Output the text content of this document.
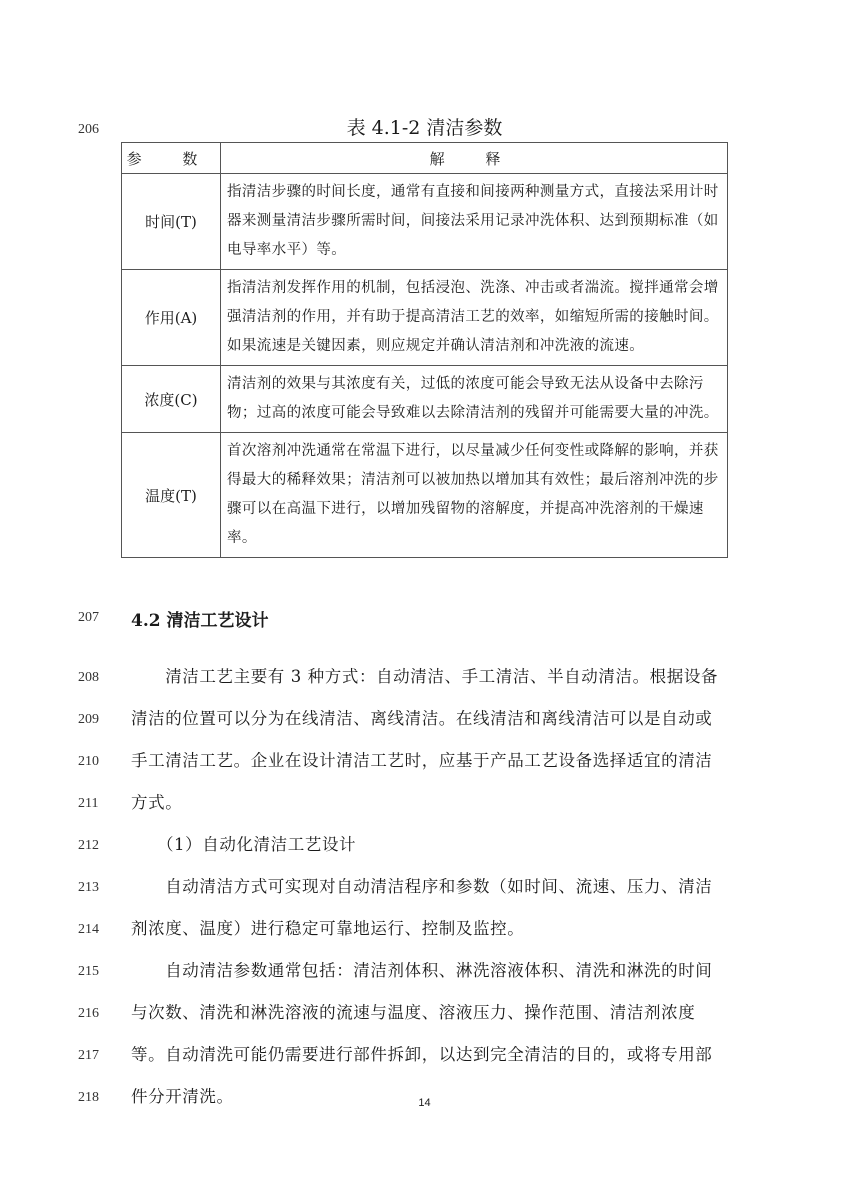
206	表 4.1-2 清洁参数
参 数	解 释
时间(T)	指清洁步骤的时间长度，通常有直接和间接两种测量方式，直接法采用计时器来测量清洁步骤所需时间，间接法采用记录冲洗体积、达到预期标准（如电导率水平）等。
作用(A)	指清洁剂发挥作用的机制，包括浸泡、洗涤、冲击或者湍流。搅拌通常会增强清洁剂的作用，并有助于提高清洁工艺的效率，如缩短所需的接触时间。如果流速是关键因素，则应规定并确认清洁剂和冲洗液的流速。
浓度(C)	清洁剂的效果与其浓度有关，过低的浓度可能会导致无法从设备中去除污物；过高的浓度可能会导致难以去除清洁剂的残留并可能需要大量的冲洗。
温度(T)	首次溶剂冲洗通常在常温下进行，以尽量减少任何变性或降解的影响，并获得最大的稀释效果；清洁剂可以被加热以增加其有效性；最后溶剂冲洗的步骤可以在高温下进行，以增加残留物的溶解度，并提高冲洗溶剂的干燥速率。
207 4.2 清洁工艺设计
208
209
210
211
　　清洁工艺主要有 3 种方式：自动清洁、手工清洁、半自动清洁。根据设备清洁的位置可以分为在线清洁、离线清洁。在线清洁和离线清洁可以是自动或手工清洁工艺。企业在设计清洁工艺时，应基于产品工艺设备选择适宜的清洁方式。
212 　　（1）自动化清洁工艺设计
213
214
　　自动清洁方式可实现对自动清洁程序和参数（如时间、流速、压力、清洁剂浓度、温度）进行稳定可靠地运行、控制及监控。
215
216
217
218
　　自动清洁参数通常包括：清洁剂体积、淋洗溶液体积、清洗和淋洗的时间与次数、清洗和淋洗溶液的流速与温度、溶液压力、操作范围、清洁剂浓度等。自动清洗可能仍需要进行部件拆卸，以达到完全清洁的目的，或将专用部件分开清洗。	14
